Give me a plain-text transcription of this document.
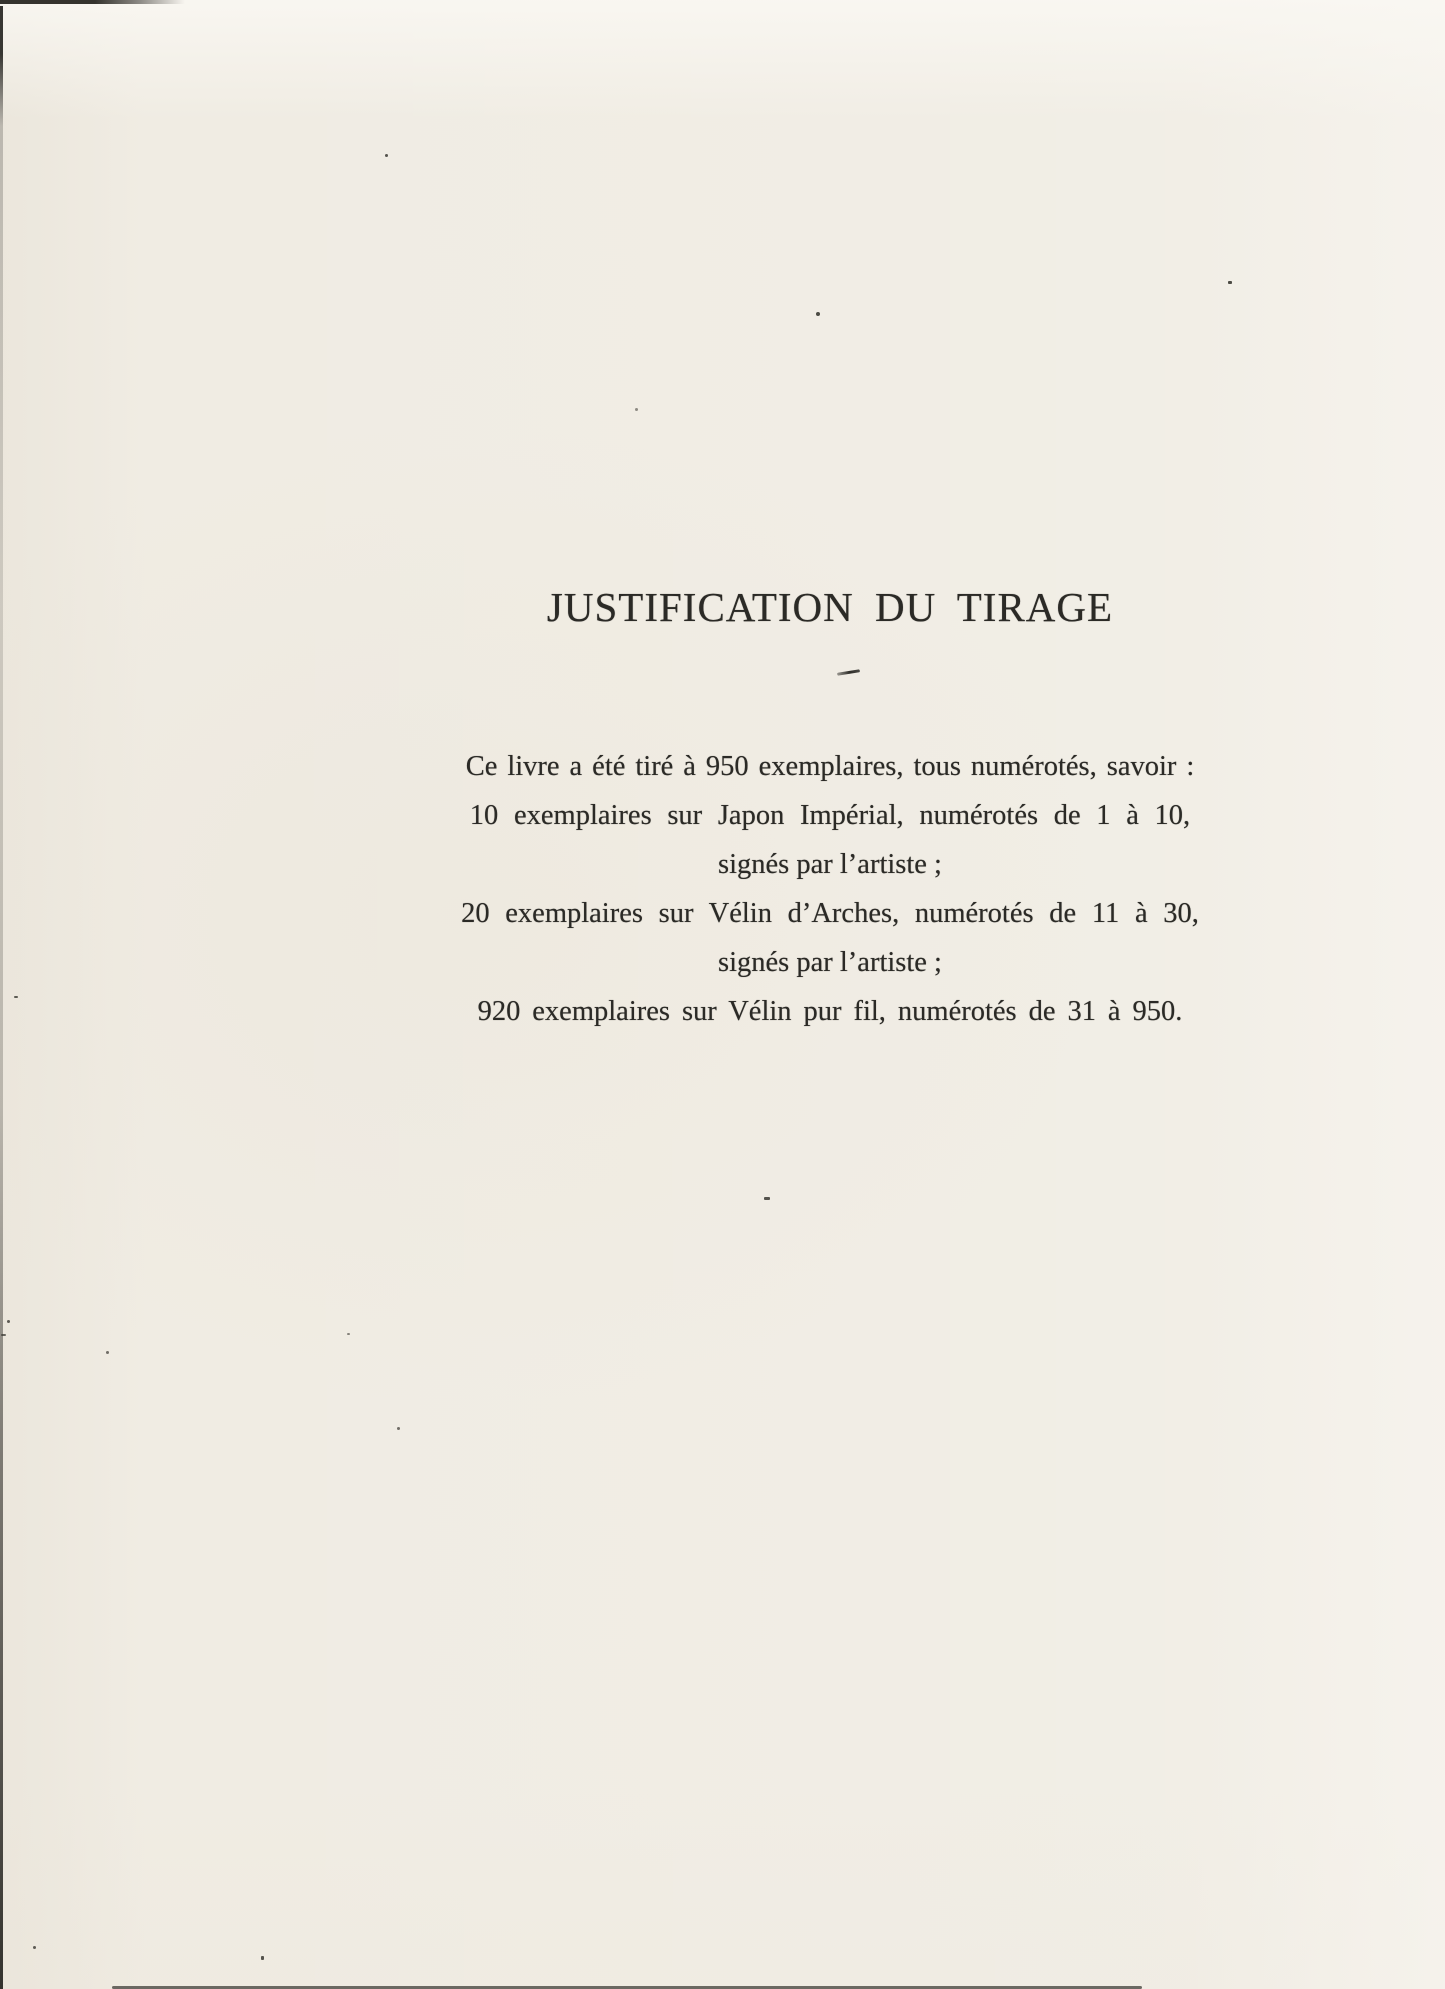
JUSTIFICATION DU TIRAGE
Ce livre a été tiré à 950 exemplaires, tous numérotés, savoir :
10 exemplaires sur Japon Impérial, numérotés de 1 à 10,
signés par l’artiste ;
20 exemplaires sur Vélin d’Arches, numérotés de 11 à 30,
signés par l’artiste ;
920 exemplaires sur Vélin pur fil, numérotés de 31 à 950.
